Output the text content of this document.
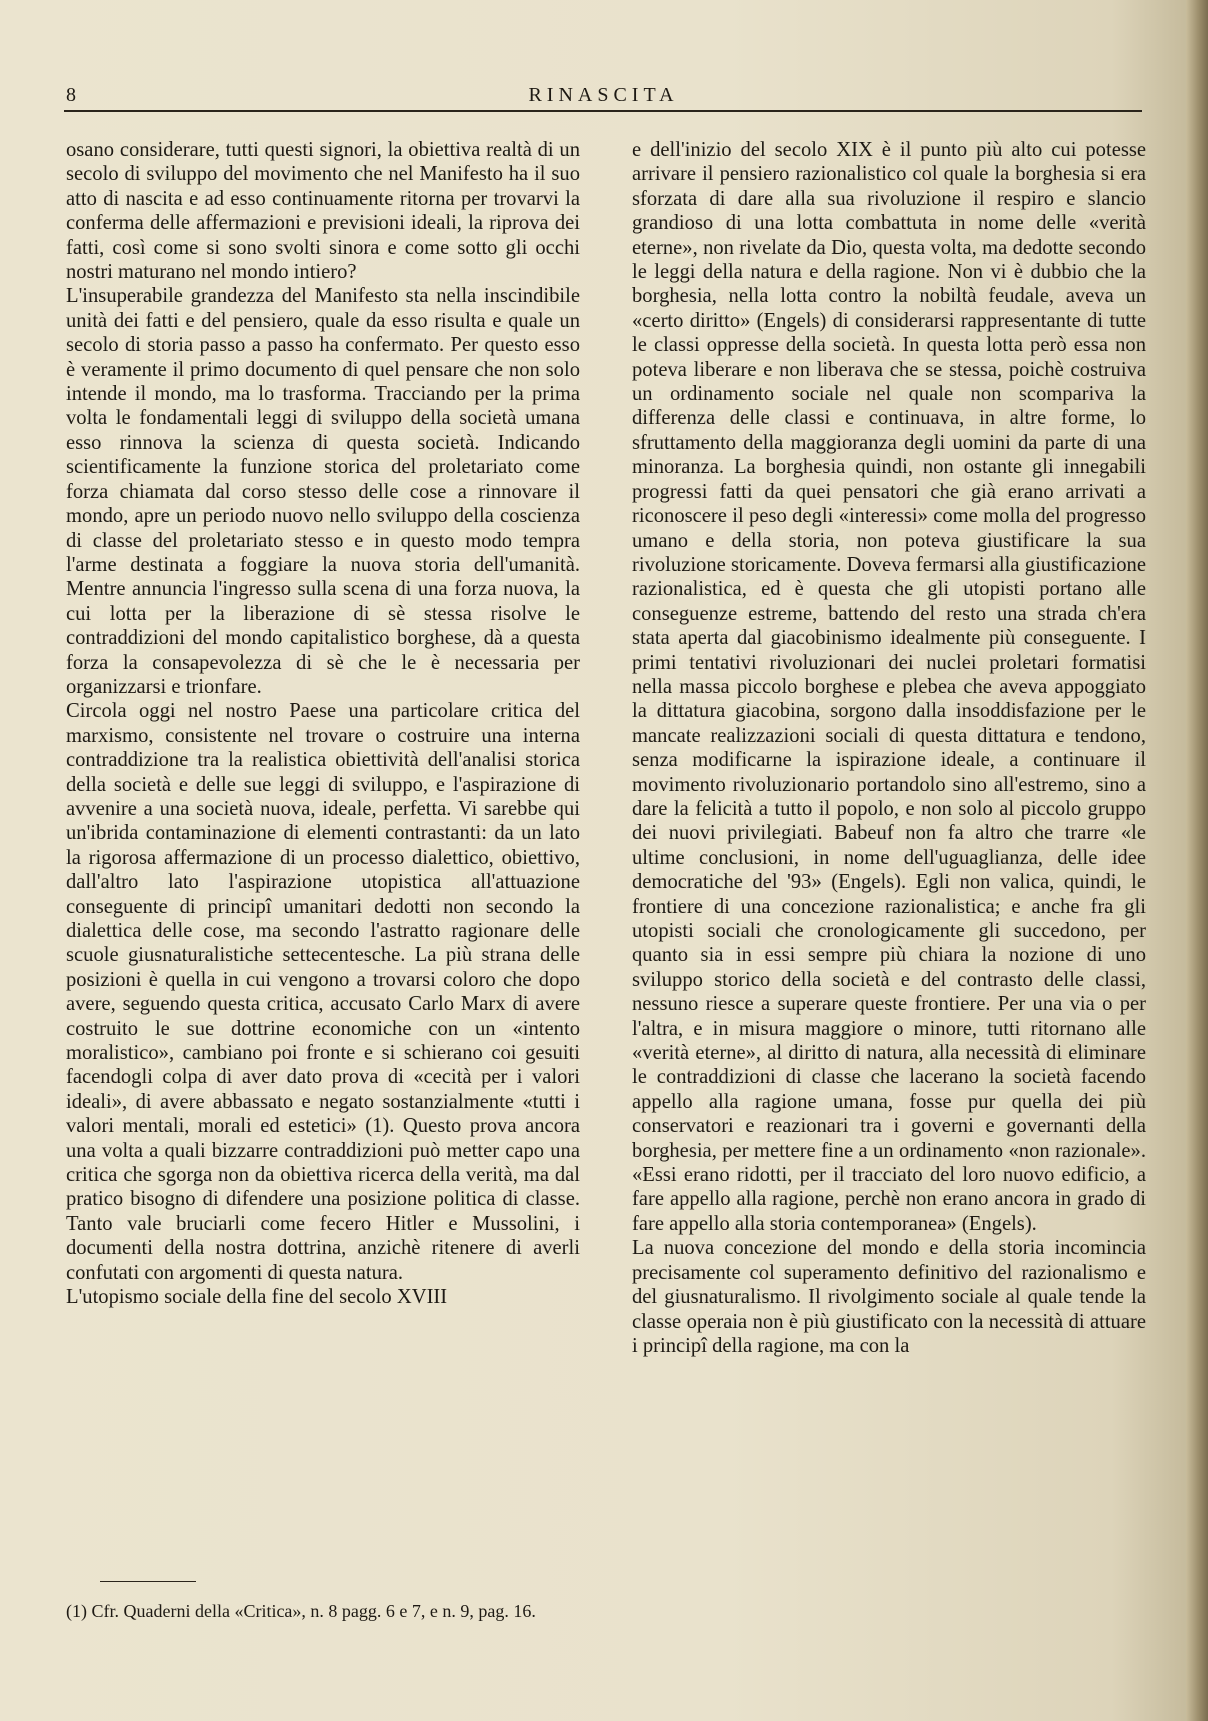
8	RINASCITA

osano considerare, tutti questi signori, la obiettiva realtà di un secolo di sviluppo del movimento che nel Manifesto ha il suo atto di nascita e ad esso continuamente ritorna per trovarvi la conferma delle affermazioni e previsioni ideali, la riprova dei fatti, così come si sono svolti sinora e come sotto gli occhi nostri maturano nel mondo intiero?

L'insuperabile grandezza del Manifesto sta nella inscindibile unità dei fatti e del pensiero, quale da esso risulta e quale un secolo di storia passo a passo ha confermato. Per questo esso è veramente il primo documento di quel pensare che non solo intende il mondo, ma lo trasforma. Tracciando per la prima volta le fondamentali leggi di sviluppo della società umana esso rinnova la scienza di questa società. Indicando scientificamente la funzione storica del proletariato come forza chiamata dal corso stesso delle cose a rinnovare il mondo, apre un periodo nuovo nello sviluppo della coscienza di classe del proletariato stesso e in questo modo tempra l'arme destinata a foggiare la nuova storia dell'umanità. Mentre annuncia l'ingresso sulla scena di una forza nuova, la cui lotta per la liberazione di sè stessa risolve le contraddizioni del mondo capitalistico borghese, dà a questa forza la consapevolezza di sè che le è necessaria per organizzarsi e trionfare.

Circola oggi nel nostro Paese una particolare critica del marxismo, consistente nel trovare o costruire una interna contraddizione tra la realistica obiettività dell'analisi storica della società e delle sue leggi di sviluppo, e l'aspirazione di avvenire a una società nuova, ideale, perfetta. Vi sarebbe qui un'ibrida contaminazione di elementi contrastanti: da un lato la rigorosa affermazione di un processo dialettico, obiettivo, dall'altro lato l'aspirazione utopistica all'attuazione conseguente di principî umanitari dedotti non secondo la dialettica delle cose, ma secondo l'astratto ragionare delle scuole giusnaturalistiche settecentesche. La più strana delle posizioni è quella in cui vengono a trovarsi coloro che dopo avere, seguendo questa critica, accusato Carlo Marx di avere costruito le sue dottrine economiche con un «intento moralistico», cambiano poi fronte e si schierano coi gesuiti facendogli colpa di aver dato prova di «cecità per i valori ideali», di avere abbassato e negato sostanzialmente «tutti i valori mentali, morali ed estetici» (1). Questo prova ancora una volta a quali bizzarre contraddizioni può metter capo una critica che sgorga non da obiettiva ricerca della verità, ma dal pratico bisogno di difendere una posizione politica di classe. Tanto vale bruciarli come fecero Hitler e Mussolini, i documenti della nostra dottrina, anzichè ritenere di averli confutati con argomenti di questa natura.

L'utopismo sociale della fine del secolo XVIII

e dell'inizio del secolo XIX è il punto più alto cui potesse arrivare il pensiero razionalistico col quale la borghesia si era sforzata di dare alla sua rivoluzione il respiro e slancio grandioso di una lotta combattuta in nome delle «verità eterne», non rivelate da Dio, questa volta, ma dedotte secondo le leggi della natura e della ragione. Non vi è dubbio che la borghesia, nella lotta contro la nobiltà feudale, aveva un «certo diritto» (Engels) di considerarsi rappresentante di tutte le classi oppresse della società. In questa lotta però essa non poteva liberare e non liberava che se stessa, poichè costruiva un ordinamento sociale nel quale non scompariva la differenza delle classi e continuava, in altre forme, lo sfruttamento della maggioranza degli uomini da parte di una minoranza. La borghesia quindi, non ostante gli innegabili progressi fatti da quei pensatori che già erano arrivati a riconoscere il peso degli «interessi» come molla del progresso umano e della storia, non poteva giustificare la sua rivoluzione storicamente. Doveva fermarsi alla giustificazione razionalistica, ed è questa che gli utopisti portano alle conseguenze estreme, battendo del resto una strada ch'era stata aperta dal giacobinismo idealmente più conseguente. I primi tentativi rivoluzionari dei nuclei proletari formatisi nella massa piccolo borghese e plebea che aveva appoggiato la dittatura giacobina, sorgono dalla insoddisfazione per le mancate realizzazioni sociali di questa dittatura e tendono, senza modificarne la ispirazione ideale, a continuare il movimento rivoluzionario portandolo sino all'estremo, sino a dare la felicità a tutto il popolo, e non solo al piccolo gruppo dei nuovi privilegiati. Babeuf non fa altro che trarre «le ultime conclusioni, in nome dell'uguaglianza, delle idee democratiche del '93» (Engels). Egli non valica, quindi, le frontiere di una concezione razionalistica; e anche fra gli utopisti sociali che cronologicamente gli succedono, per quanto sia in essi sempre più chiara la nozione di uno sviluppo storico della società e del contrasto delle classi, nessuno riesce a superare queste frontiere. Per una via o per l'altra, e in misura maggiore o minore, tutti ritornano alle «verità eterne», al diritto di natura, alla necessità di eliminare le contraddizioni di classe che lacerano la società facendo appello alla ragione umana, fosse pur quella dei più conservatori e reazionari tra i governi e governanti della borghesia, per mettere fine a un ordinamento «non razionale». «Essi erano ridotti, per il tracciato del loro nuovo edificio, a fare appello alla ragione, perchè non erano ancora in grado di fare appello alla storia contemporanea» (Engels).

La nuova concezione del mondo e della storia incomincia precisamente col superamento definitivo del razionalismo e del giusnaturalismo. Il rivolgimento sociale al quale tende la classe operaia non è più giustificato con la necessità di attuare i principî della ragione, ma con la

(1) Cfr. Quaderni della «Critica», n. 8 pagg. 6 e 7, e n. 9, pag. 16.
